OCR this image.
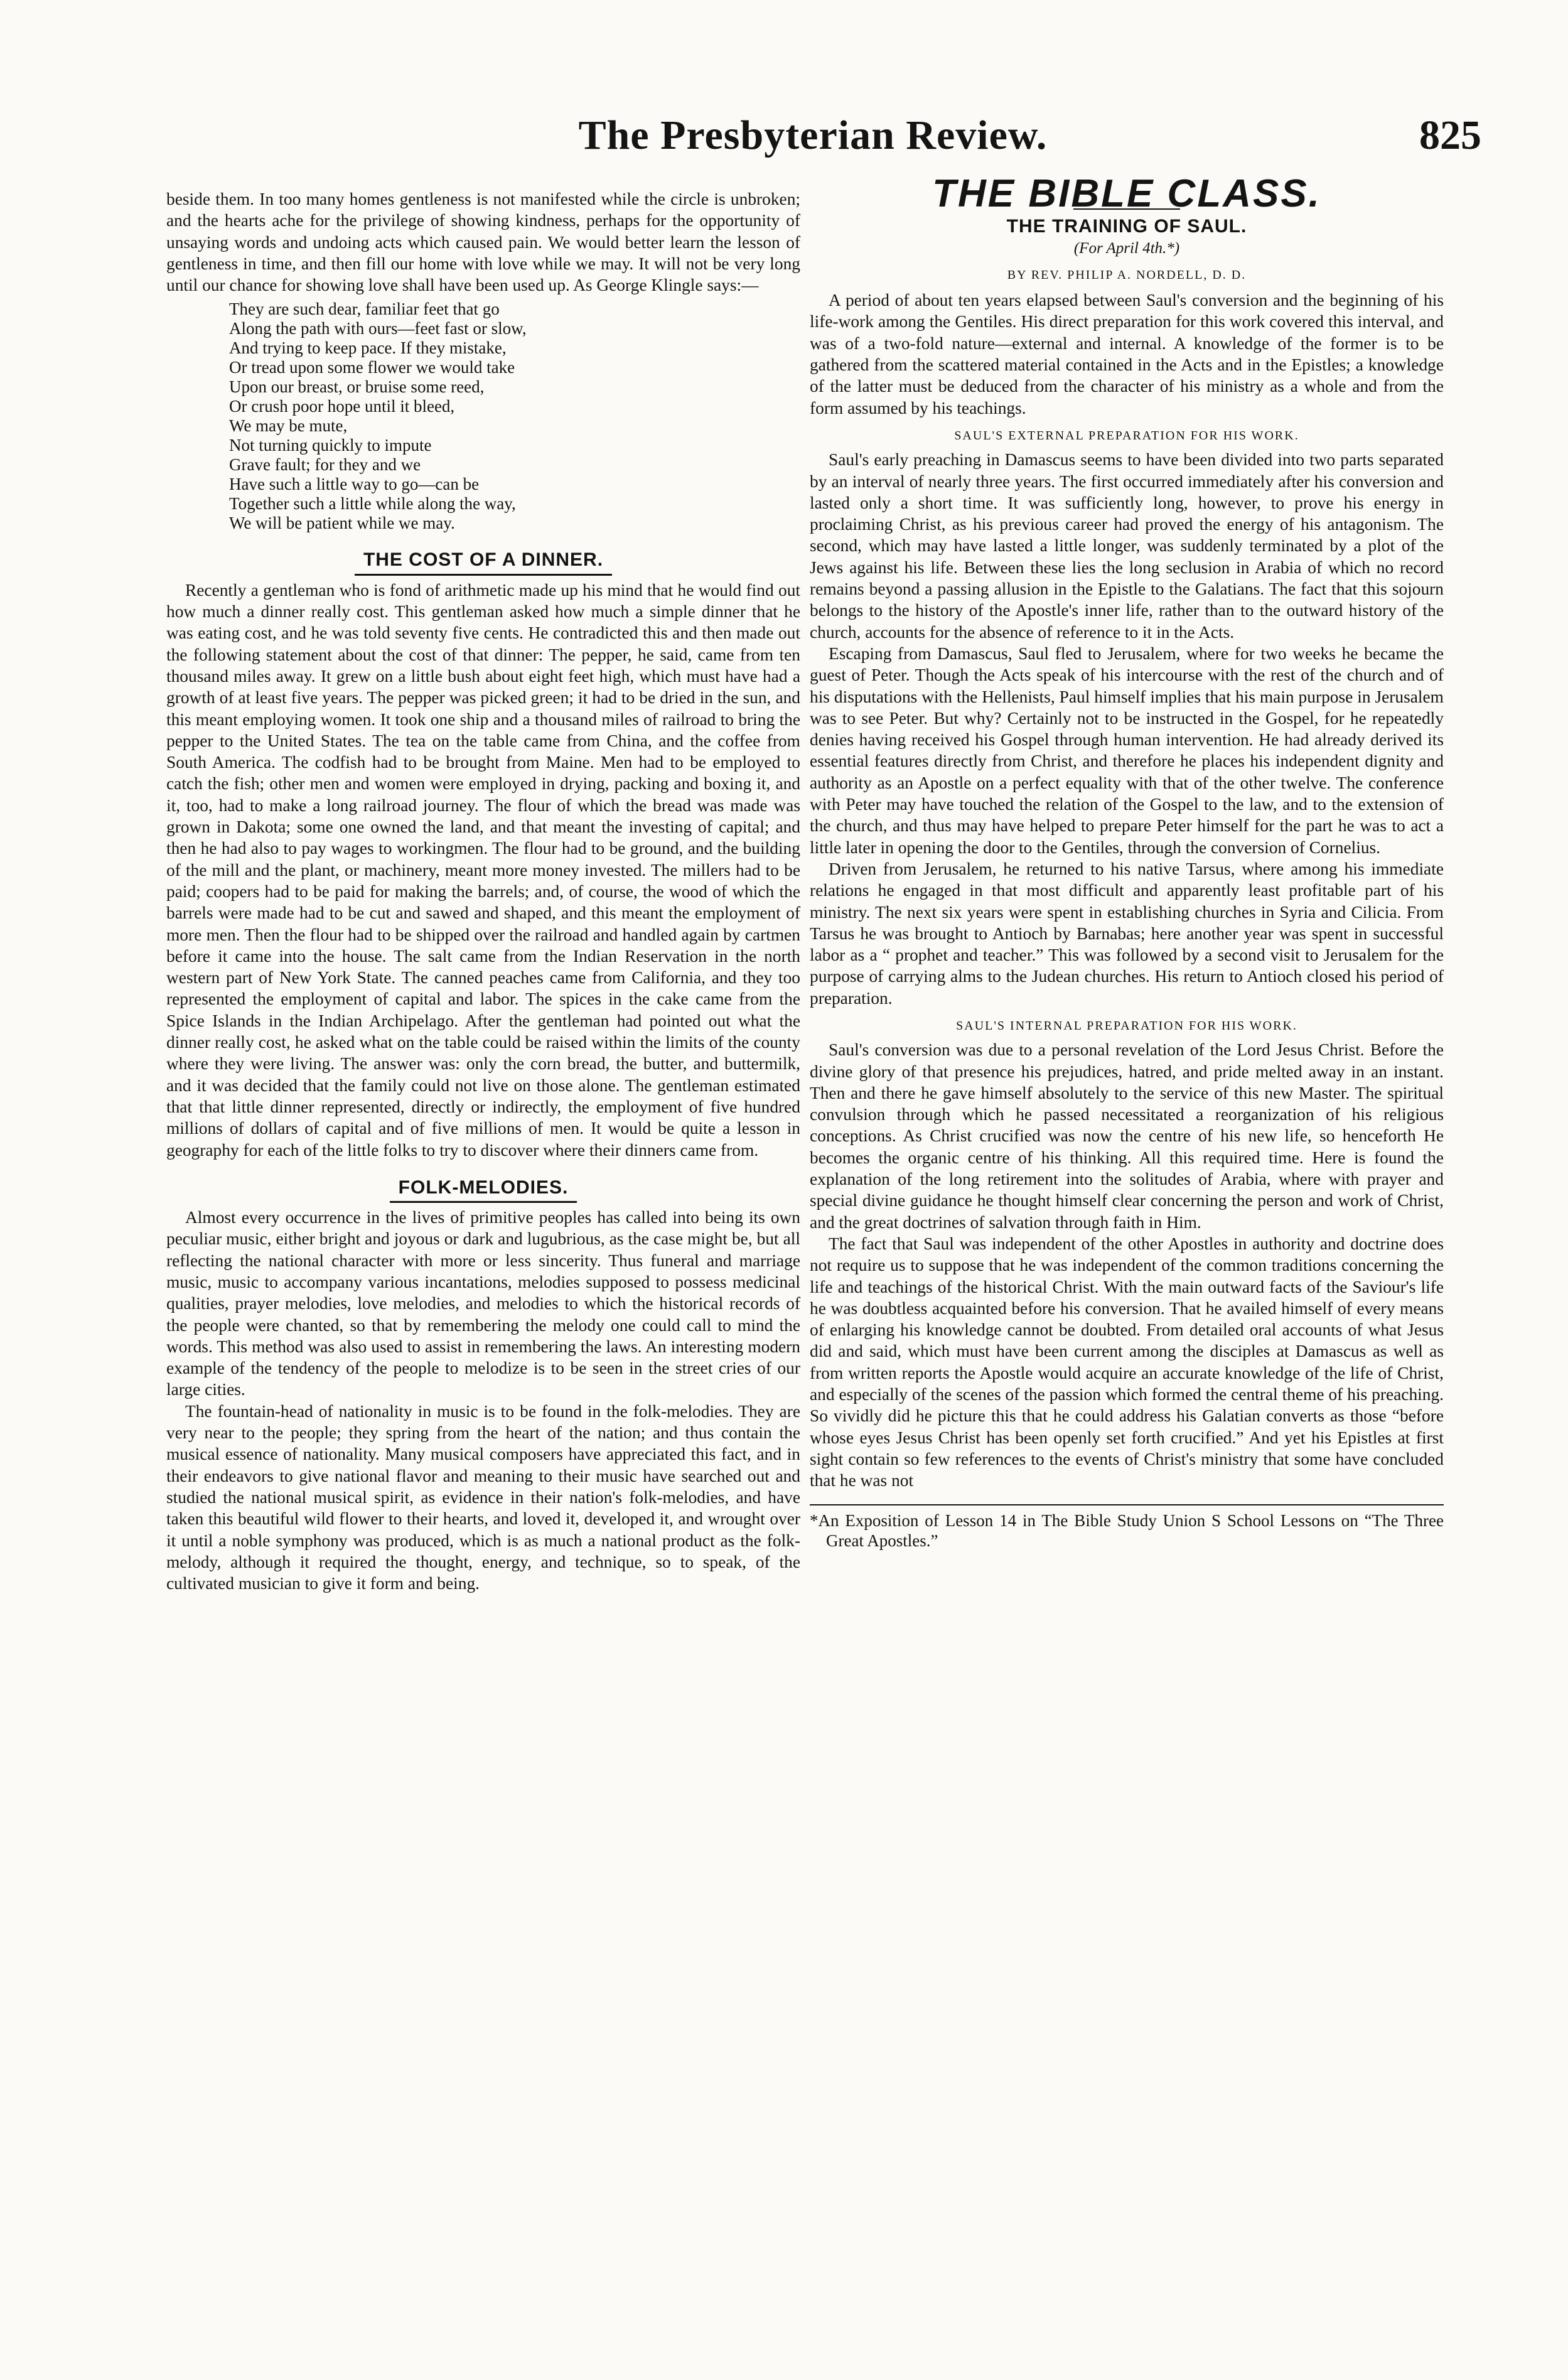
The Presbyterian Review.	825

beside them. In too many homes gentleness is not manifested while the circle is unbroken; and the hearts ache for the privilege of showing kindness, perhaps for the opportunity of unsaying words and undoing acts which caused pain. We would better learn the lesson of gentleness in time, and then fill our home with love while we may. It will not be very long until our chance for showing love shall have been used up. As George Klingle says:—

They are such dear, familiar feet that go
Along the path with ours—feet fast or slow,
And trying to keep pace. If they mistake,
Or tread upon some flower we would take
Upon our breast, or bruise some reed,
Or crush poor hope until it bleed,
We may be mute,
Not turning quickly to impute
Grave fault; for they and we
Have such a little way to go—can be
Together such a little while along the way,
We will be patient while we may.
THE COST OF A DINNER.

Recently a gentleman who is fond of arithmetic made up his mind that he would find out how much a dinner really cost. This gentleman asked how much a simple dinner that he was eating cost, and he was told seventy five cents. He contradicted this and then made out the following statement about the cost of that dinner: The pepper, he said, came from ten thousand miles away. It grew on a little bush about eight feet high, which must have had a growth of at least five years. The pepper was picked green; it had to be dried in the sun, and this meant employing women. It took one ship and a thousand miles of railroad to bring the pepper to the United States. The tea on the table came from China, and the coffee from South America. The codfish had to be brought from Maine. Men had to be employed to catch the fish; other men and women were employed in drying, packing and boxing it, and it, too, had to make a long railroad journey. The flour of which the bread was made was grown in Dakota; some one owned the land, and that meant the investing of capital; and then he had also to pay wages to workingmen. The flour had to be ground, and the building of the mill and the plant, or machinery, meant more money invested. The millers had to be paid; coopers had to be paid for making the barrels; and, of course, the wood of which the barrels were made had to be cut and sawed and shaped, and this meant the employment of more men. Then the flour had to be shipped over the railroad and handled again by cartmen before it came into the house. The salt came from the Indian Reservation in the north western part of New York State. The canned peaches came from California, and they too represented the employment of capital and labor. The spices in the cake came from the Spice Islands in the Indian Archipelago. After the gentleman had pointed out what the dinner really cost, he asked what on the table could be raised within the limits of the county where they were living. The answer was: only the corn bread, the butter, and buttermilk, and it was decided that the family could not live on those alone. The gentleman estimated that that little dinner represented, directly or indirectly, the employment of five hundred millions of dollars of capital and of five millions of men. It would be quite a lesson in geography for each of the little folks to try to discover where their dinners came from.

FOLK-MELODIES.

Almost every occurrence in the lives of primitive peoples has called into being its own peculiar music, either bright and joyous or dark and lugubrious, as the case might be, but all reflecting the national character with more or less sincerity. Thus funeral and marriage music, music to accompany various incantations, melodies supposed to possess medicinal qualities, prayer melodies, love melodies, and melodies to which the historical records of the people were chanted, so that by remembering the melody one could call to mind the words. This method was also used to assist in remembering the laws. An interesting modern example of the tendency of the people to melodize is to be seen in the street cries of our large cities.

The fountain-head of nationality in music is to be found in the folk-melodies. They are very near to the people; they spring from the heart of the nation; and thus contain the musical essence of nationality. Many musical composers have appreciated this fact, and in their endeavors to give national flavor and meaning to their music have searched out and studied the national musical spirit, as evidence in their nation's folk-melodies, and have taken this beautiful wild flower to their hearts, and loved it, developed it, and wrought over it until a noble symphony was produced, which is as much a national product as the folk-melody, although it required the thought, energy, and technique, so to speak, of the cultivated musician to give it form and being.

THE BIBLE CLASS.
THE TRAINING OF SAUL.

(For April 4th.*)

BY REV. PHILIP A. NORDELL, D. D.

A period of about ten years elapsed between Saul's conversion and the beginning of his life-work among the Gentiles. His direct preparation for this work covered this interval, and was of a two-fold nature—external and internal. A knowledge of the former is to be gathered from the scattered material contained in the Acts and in the Epistles; a knowledge of the latter must be deduced from the character of his ministry as a whole and from the form assumed by his teachings.

SAUL'S EXTERNAL PREPARATION FOR HIS WORK.

Saul's early preaching in Damascus seems to have been divided into two parts separated by an interval of nearly three years. The first occurred immediately after his conversion and lasted only a short time. It was sufficiently long, however, to prove his energy in proclaiming Christ, as his previous career had proved the energy of his antagonism. The second, which may have lasted a little longer, was suddenly terminated by a plot of the Jews against his life. Between these lies the long seclusion in Arabia of which no record remains beyond a passing allusion in the Epistle to the Galatians. The fact that this sojourn belongs to the history of the Apostle's inner life, rather than to the outward history of the church, accounts for the absence of reference to it in the Acts.

Escaping from Damascus, Saul fled to Jerusalem, where for two weeks he became the guest of Peter. Though the Acts speak of his intercourse with the rest of the church and of his disputations with the Hellenists, Paul himself implies that his main purpose in Jerusalem was to see Peter. But why? Certainly not to be instructed in the Gospel, for he repeatedly denies having received his Gospel through human intervention. He had already derived its essential features directly from Christ, and therefore he places his independent dignity and authority as an Apostle on a perfect equality with that of the other twelve. The conference with Peter may have touched the relation of the Gospel to the law, and to the extension of the church, and thus may have helped to prepare Peter himself for the part he was to act a little later in opening the door to the Gentiles, through the conversion of Cornelius.

Driven from Jerusalem, he returned to his native Tarsus, where among his immediate relations he engaged in that most difficult and apparently least profitable part of his ministry. The next six years were spent in establishing churches in Syria and Cilicia. From Tarsus he was brought to Antioch by Barnabas; here another year was spent in successful labor as a “ prophet and teacher.” This was followed by a second visit to Jerusalem for the purpose of carrying alms to the Judean churches. His return to Antioch closed his period of preparation.

SAUL'S INTERNAL PREPARATION FOR HIS WORK.

Saul's conversion was due to a personal revelation of the Lord Jesus Christ. Before the divine glory of that presence his prejudices, hatred, and pride melted away in an instant. Then and there he gave himself absolutely to the service of this new Master. The spiritual convulsion through which he passed necessitated a reorganization of his religious conceptions. As Christ crucified was now the centre of his new life, so henceforth He becomes the organic centre of his thinking. All this required time. Here is found the explanation of the long retirement into the solitudes of Arabia, where with prayer and special divine guidance he thought himself clear concerning the person and work of Christ, and the great doctrines of salvation through faith in Him.

The fact that Saul was independent of the other Apostles in authority and doctrine does not require us to suppose that he was independent of the common traditions concerning the life and teachings of the historical Christ. With the main outward facts of the Saviour's life he was doubtless acquainted before his conversion. That he availed himself of every means of enlarging his knowledge cannot be doubted. From detailed oral accounts of what Jesus did and said, which must have been current among the disciples at Damascus as well as from written reports the Apostle would acquire an accurate knowledge of the life of Christ, and especially of the scenes of the passion which formed the central theme of his preaching. So vividly did he picture this that he could address his Galatian converts as those “before whose eyes Jesus Christ has been openly set forth crucified.” And yet his Epistles at first sight contain so few references to the events of Christ's ministry that some have concluded that he was not

*An Exposition of Lesson 14 in The Bible Study Union S School Lessons on “The Three Great Apostles.”
